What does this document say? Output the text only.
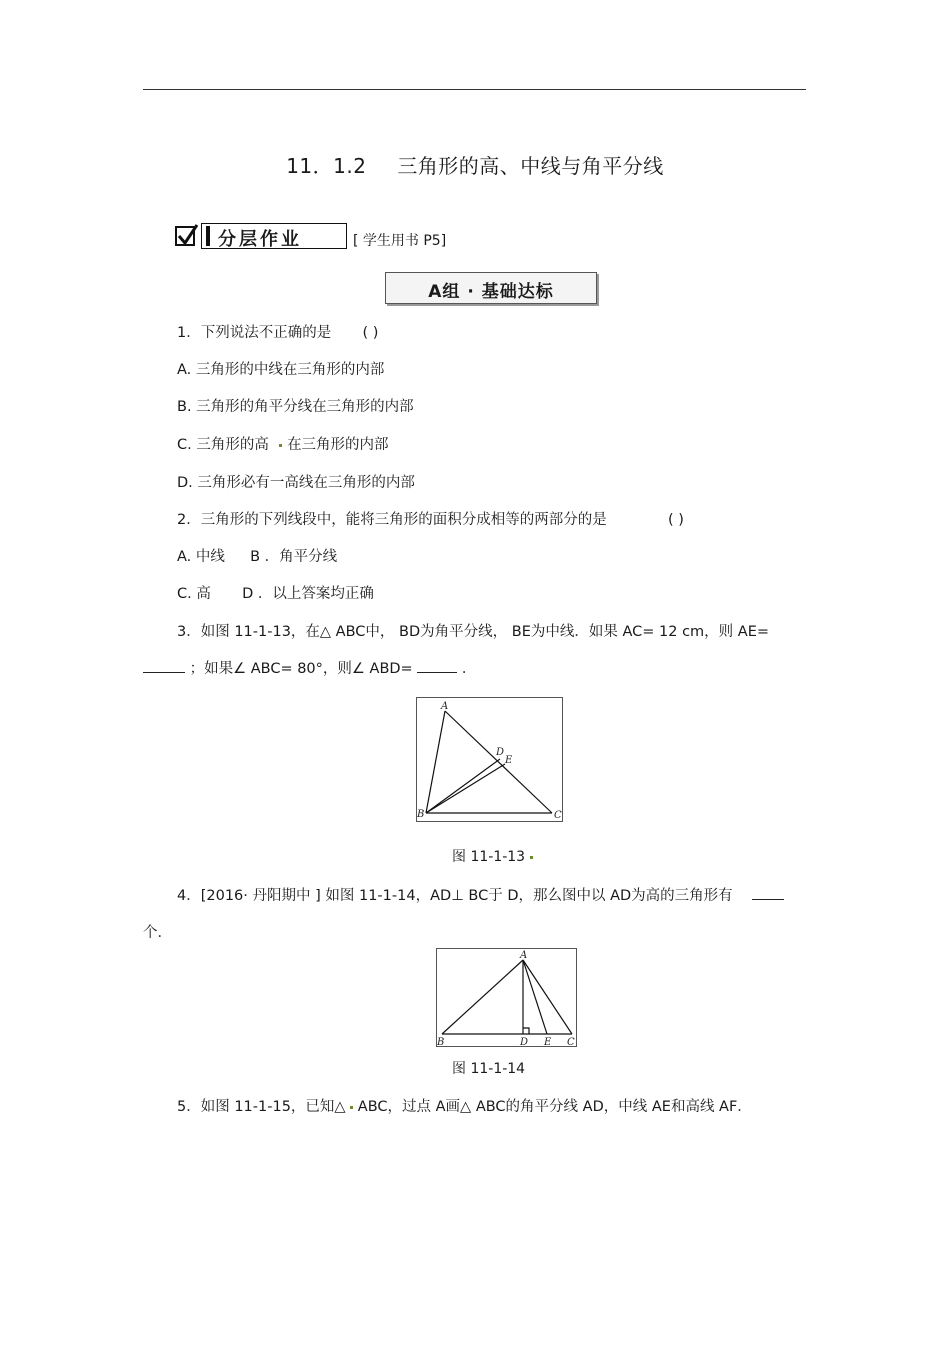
11．1.2 三角形的高、中线与角平分线
分层作业	[ 学生用书 P5]
A组 · 基础达标
1．下列说法不正确的是 ( )
A. 三角形的中线在三角形的内部
B. 三角形的角平分线在三角形的内部
C. 三角形的高 在三角形的内部
D. 三角形必有一高线在三角形的内部
2．三角形的下列线段中，能将三角形的面积分成相等的两部分的是	( )
A. 中线 B ．角平分线
C. 高 D ．以上答案均正确
3．如图 11-1-13，在△ ABC中， BD为角平分线， BE为中线．如果 AC= 12 cm，则 AE=
；如果∠ ABC= 80°，则∠ ABD=	．
A
D
E
B	C
图 11-1-13
4．[2016· 丹阳期中 ] 如图 11-1-14，AD⊥ BC于 D，那么图中以 AD为高的三角形有
个．
A
B	D E C
图 11-1-14
5．如图 11-1-15，已知△ ABC，过点 A画△ ABC的角平分线 AD，中线 AE和高线 AF．
